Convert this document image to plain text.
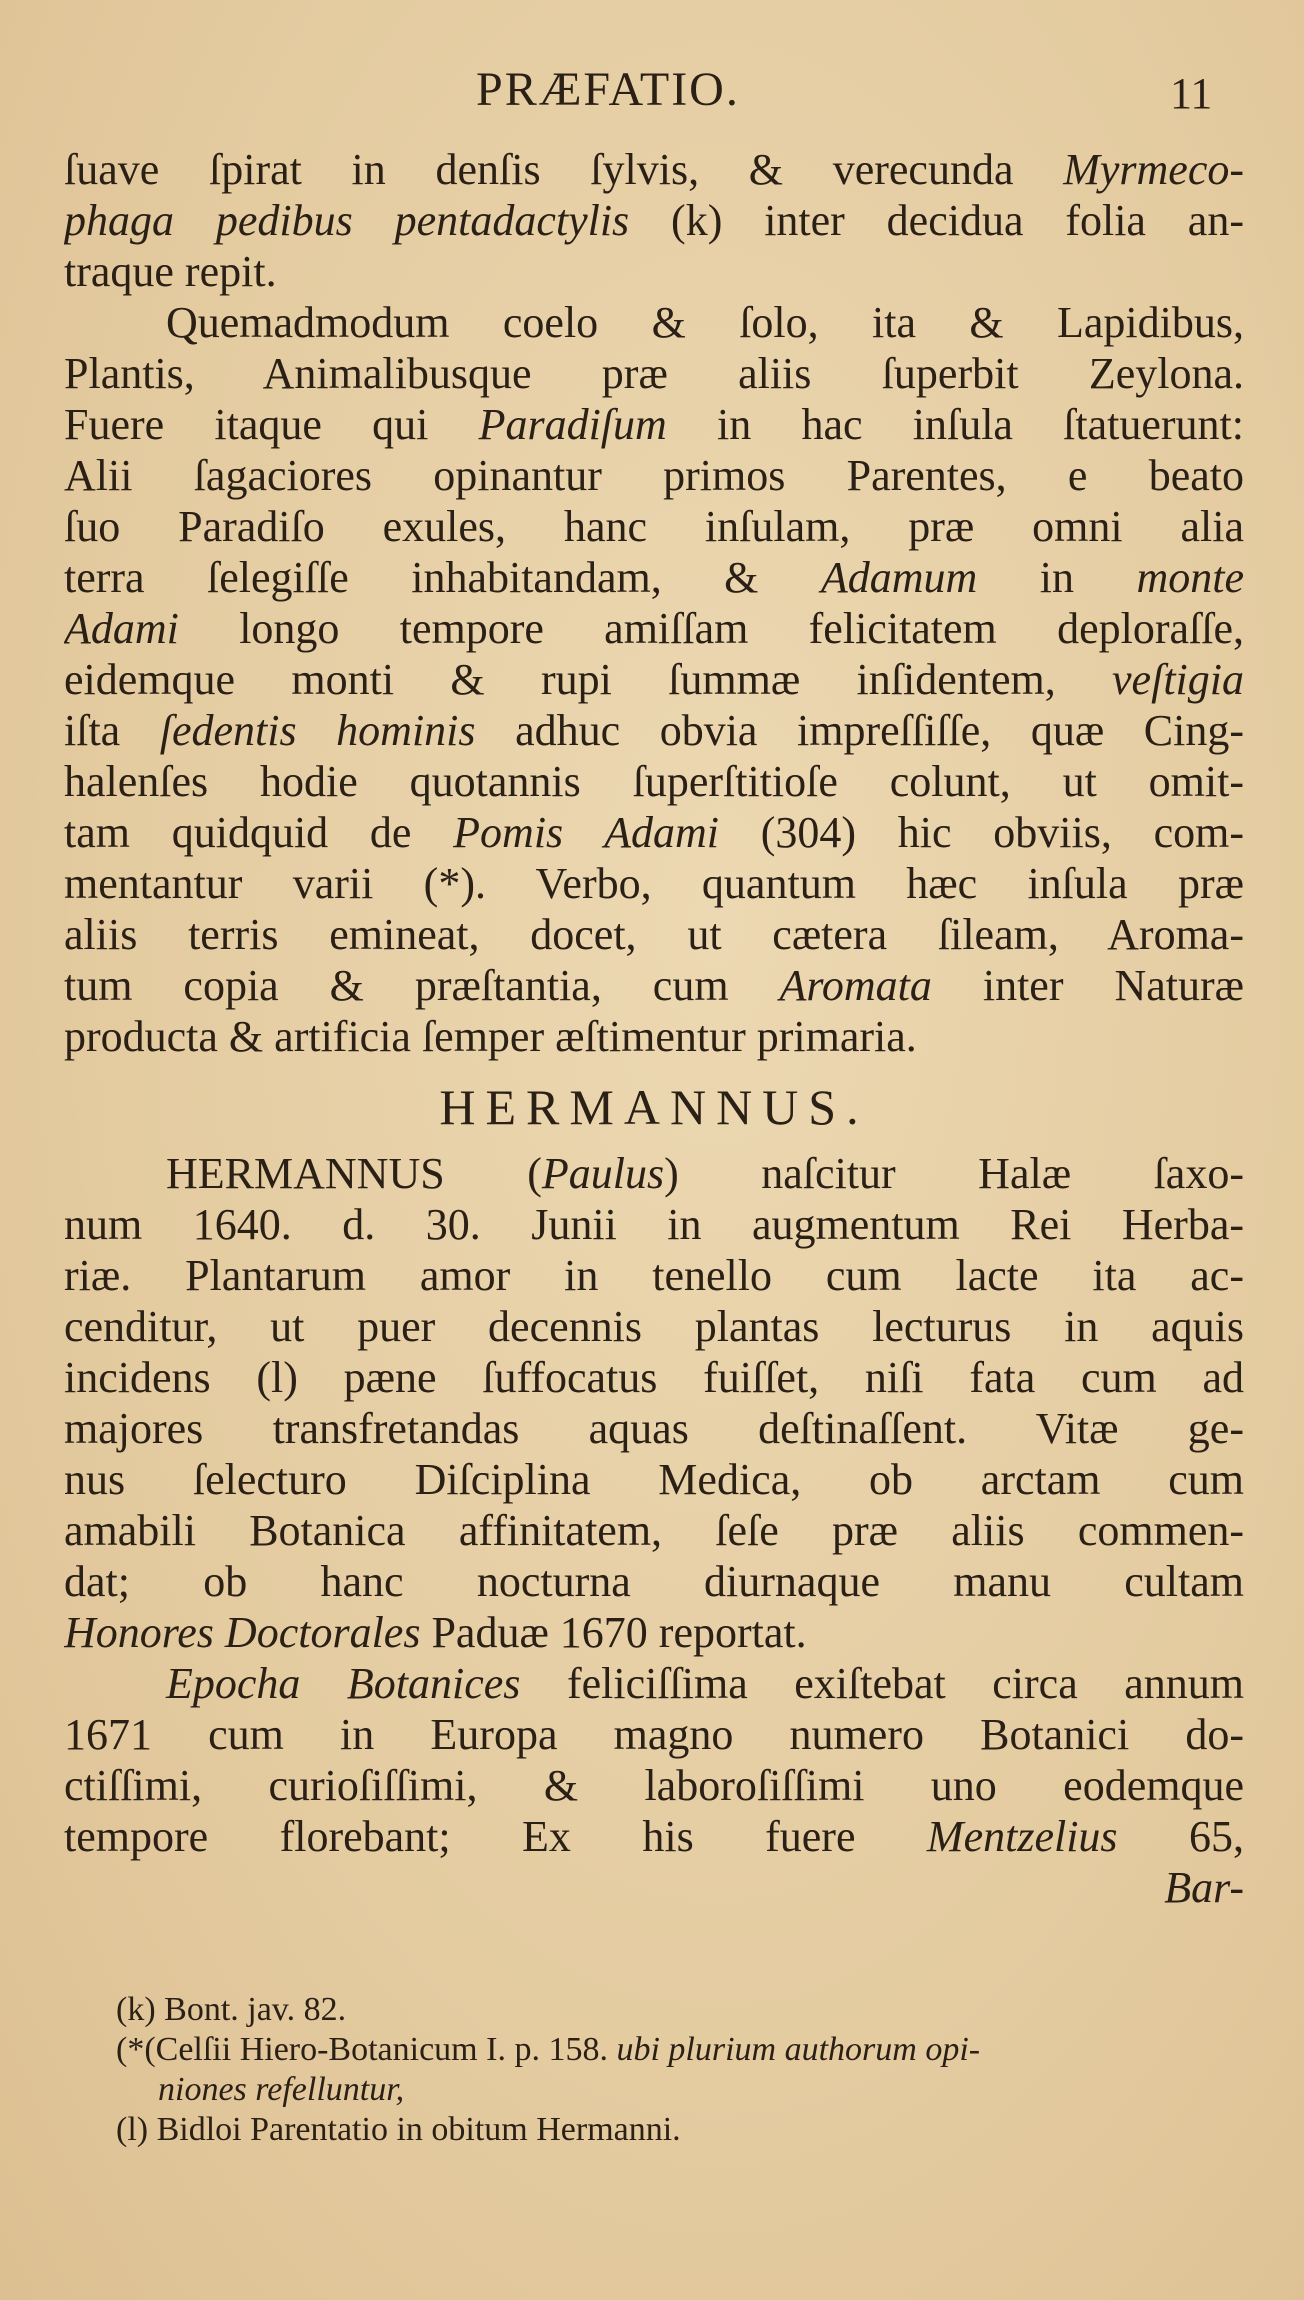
PRÆFATIO.	11
ſuave ſpirat in denſis ſylvis, & verecunda Myrmeco-
phaga pedibus pentadactylis (k) inter decidua folia an-
traque repit.
Quemadmodum coelo & ſolo, ita & Lapidibus,
Plantis, Animalibusque præ aliis ſuperbit Zeylona.
Fuere itaque qui Paradiſum in hac inſula ſtatuerunt:
Alii ſagaciores opinantur primos Parentes, e beato
ſuo Paradiſo exules, hanc inſulam, præ omni alia
terra ſelegiſſe inhabitandam, & Adamum in monte
Adami longo tempore amiſſam felicitatem deploraſſe,
eidemque monti & rupi ſummæ inſidentem, veſtigia
iſta ſedentis hominis adhuc obvia impreſſiſſe, quæ Cing-
halenſes hodie quotannis ſuperſtitioſe colunt, ut omit-
tam quidquid de Pomis Adami (304) hic obviis, com-
mentantur varii (*). Verbo, quantum hæc inſula præ
aliis terris emineat, docet, ut cætera ſileam, Aroma-
tum copia & præſtantia, cum Aromata inter Naturæ
producta & artificia ſemper æſtimentur primaria.
HERMANNUS.
HERMANNUS (Paulus) naſcitur Halæ ſaxo-
num 1640. d. 30. Junii in augmentum Rei Herba-
riæ. Plantarum amor in tenello cum lacte ita ac-
cenditur, ut puer decennis plantas lecturus in aquis
incidens (l) pæne ſuffocatus fuiſſet, niſi fata cum ad
majores transfretandas aquas deſtinaſſent. Vitæ ge-
nus ſelecturo Diſciplina Medica, ob arctam cum
amabili Botanica affinitatem, ſeſe præ aliis commen-
dat; ob hanc nocturna diurnaque manu cultam
Honores Doctorales Paduæ 1670 reportat.
Epocha Botanices feliciſſima exiſtebat circa annum
1671 cum in Europa magno numero Botanici do-
ctiſſimi, curioſiſſimi, & laboroſiſſimi uno eodemque
tempore florebant; Ex his fuere Mentzelius 65,
Bar-
(k) Bont. jav. 82.
(*(Celſii Hiero-Botanicum I. p. 158. ubi plurium authorum opi-
niones refelluntur,
(l) Bidloi Parentatio in obitum Hermanni.
